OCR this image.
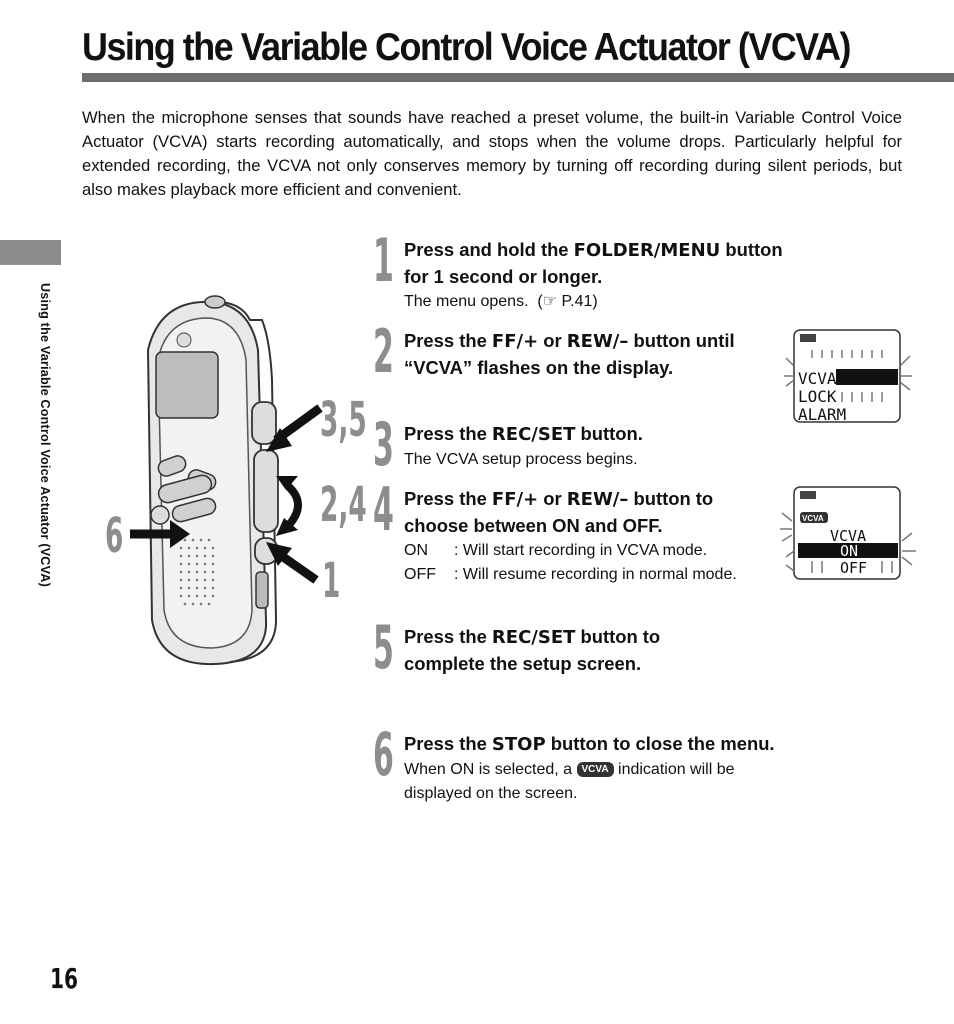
Using the Variable Control Voice Actuator (VCVA)
When the microphone senses that sounds have reached a preset volume, the built-in Variable Control Voice Actuator (VCVA) starts recording automatically, and stops when the volume drops. Particularly helpful for extended recording, the VCVA not only conserves memory by turning off recording during silent periods, but also makes playback more efficient and convenient.
Using the Variable Control Voice Actuator (VCVA)	3,5
2,4
1
6
1 Press and hold the FOLDER/MENU button for 1 second or longer.
The menu opens. (☞ P.41)
2 Press the FF/+ or REW/– button until “VCVA” flashes on the display.
VCVA
LOCK
ALARM
3 Press the REC/SET button.
The VCVA setup process begins.
4 Press the FF/+ or REW/– button to choose between ON and OFF.
ON	:
Will start recording in VCVA mode.
OFF	:
Will resume recording in normal mode.
VCVA
VCVA
ON
OFF
5 Press the REC/SET button to complete the setup screen.
6 Press the STOP button to close the menu.
When ON is selected, a VCVA indication will be displayed on the screen.
16
